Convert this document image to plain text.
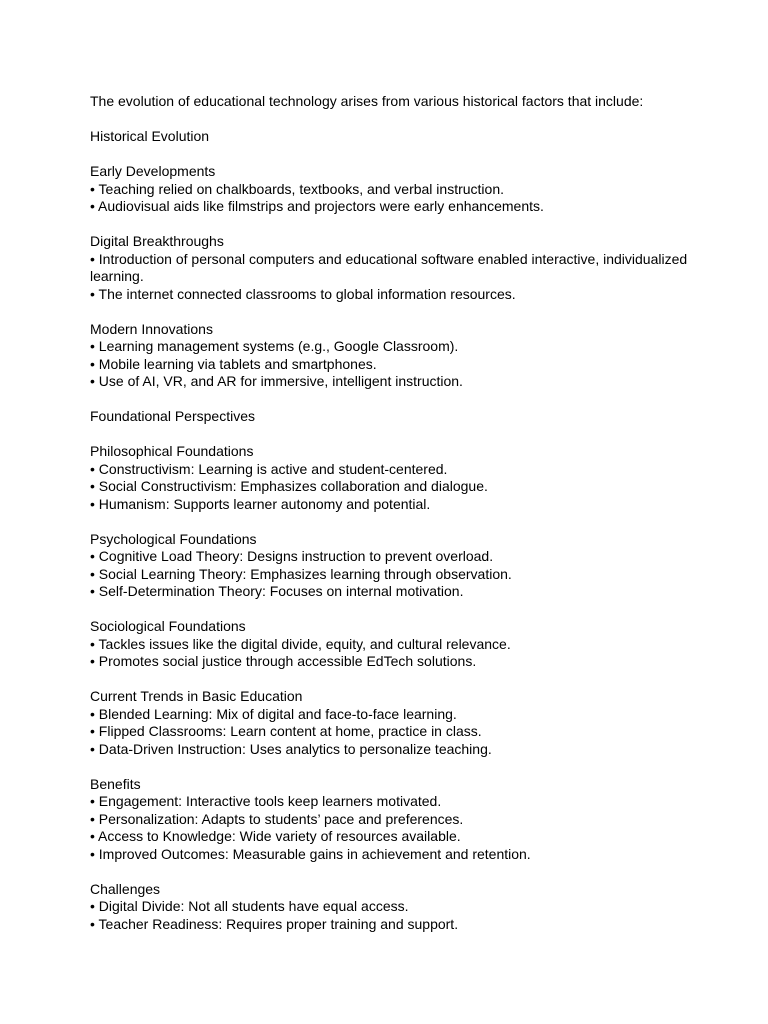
The evolution of educational technology arises from various historical factors that include:

Historical Evolution

Early Developments

• Teaching relied on chalkboards, textbooks, and verbal instruction.

• Audiovisual aids like filmstrips and projectors were early enhancements.

Digital Breakthroughs

• Introduction of personal computers and educational software enabled interactive, individualized learning.

• The internet connected classrooms to global information resources.

Modern Innovations

• Learning management systems (e.g., Google Classroom).

• Mobile learning via tablets and smartphones.

• Use of AI, VR, and AR for immersive, intelligent instruction.

Foundational Perspectives

Philosophical Foundations

• Constructivism: Learning is active and student-centered.

• Social Constructivism: Emphasizes collaboration and dialogue.

• Humanism: Supports learner autonomy and potential.

Psychological Foundations

• Cognitive Load Theory: Designs instruction to prevent overload.

• Social Learning Theory: Emphasizes learning through observation.

• Self-Determination Theory: Focuses on internal motivation.

Sociological Foundations

• Tackles issues like the digital divide, equity, and cultural relevance.

• Promotes social justice through accessible EdTech solutions.

Current Trends in Basic Education

• Blended Learning: Mix of digital and face-to-face learning.

• Flipped Classrooms: Learn content at home, practice in class.

• Data-Driven Instruction: Uses analytics to personalize teaching.

Benefits

• Engagement: Interactive tools keep learners motivated.

• Personalization: Adapts to students’ pace and preferences.

• Access to Knowledge: Wide variety of resources available.

• Improved Outcomes: Measurable gains in achievement and retention.

Challenges

• Digital Divide: Not all students have equal access.

• Teacher Readiness: Requires proper training and support.
